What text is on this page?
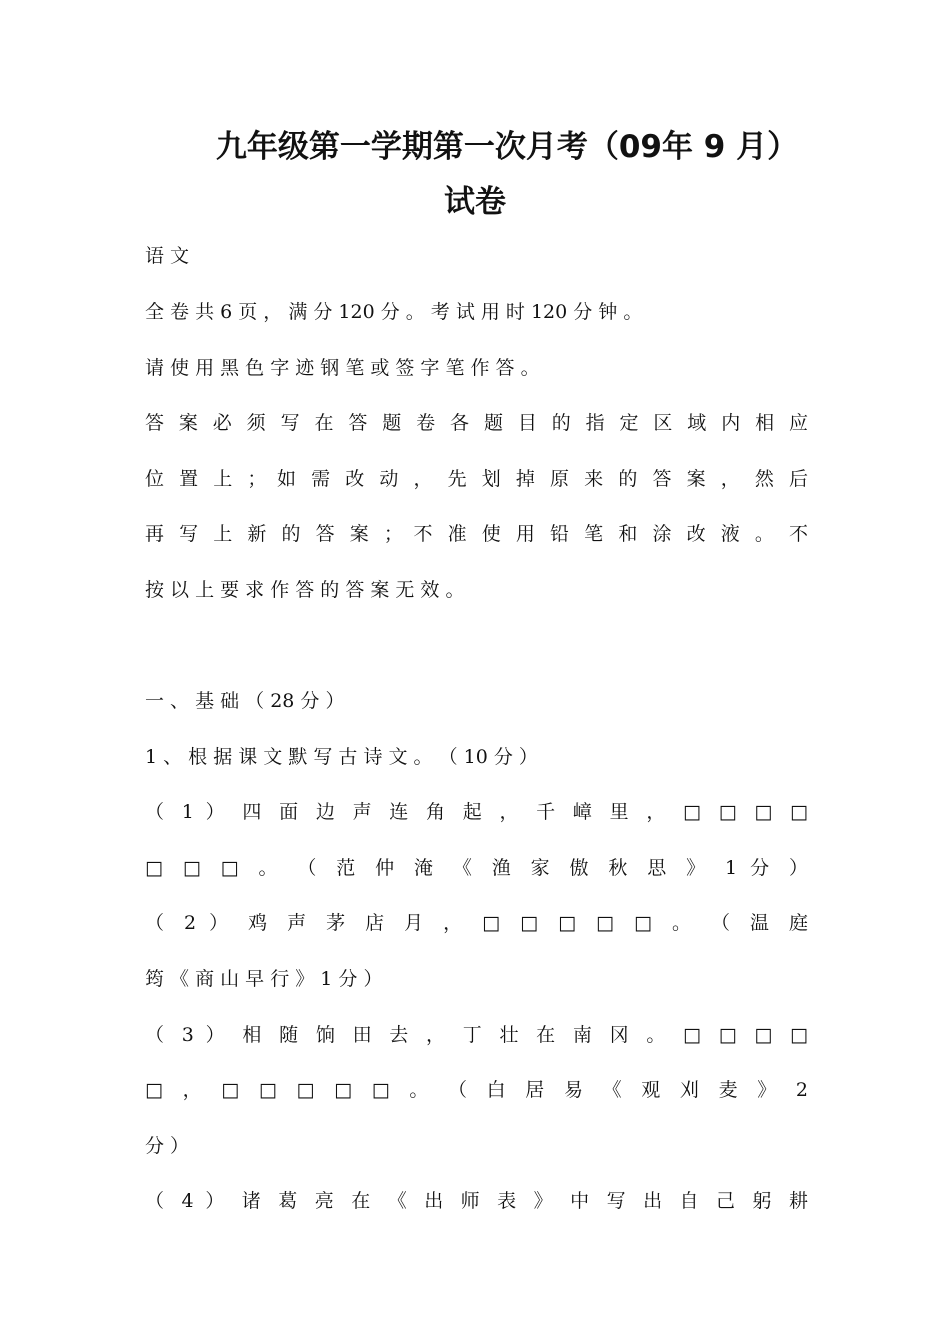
九年级第一学期第一次月考（09年 9 月）
试卷
语 文
全 卷 共 6 页 ， 满 分 120 分 。 考 试 用 时 120 分 钟 。
请 使 用 黑 色 字 迹 钢 笔 或 签 字 笔 作 答 。
答 案 必 须 写 在 答 题 卷 各 题 目 的 指 定 区 域 内 相 应
位 置 上 ； 如 需 改 动 ， 先 划 掉 原 来 的 答 案 ， 然 后
再 写 上 新 的 答 案 ； 不 准 使 用 铅 笔 和 涂 改 液 。 不
按 以 上 要 求 作 答 的 答 案 无 效 。
一 、 基 础 （ 28 分 ）
1 、 根 据 课 文 默 写 古 诗 文 。 （ 10 分 ）
（ 1 ） 四 面 边 声 连 角 起 ， 千 嶂 里 ， □ □ □ □
□ □ □ 。 （ 范 仲 淹 《 渔 家 傲 秋 思 》 1 分 ）
（ 2 ） 鸡 声 茅 店 月 ， □ □ □ □ □ 。 （ 温 庭
筠 《 商 山 早 行 》 1 分 ）
（ 3 ） 相 随 饷 田 去 ， 丁 壮 在 南 冈 。 □ □ □ □
□ ， □ □ □ □ □ 。 （ 白 居 易 《 观 刈 麦 》 2
分 ）
（ 4 ） 诸 葛 亮 在 《 出 师 表 》 中 写 出 自 己 躬 耕
